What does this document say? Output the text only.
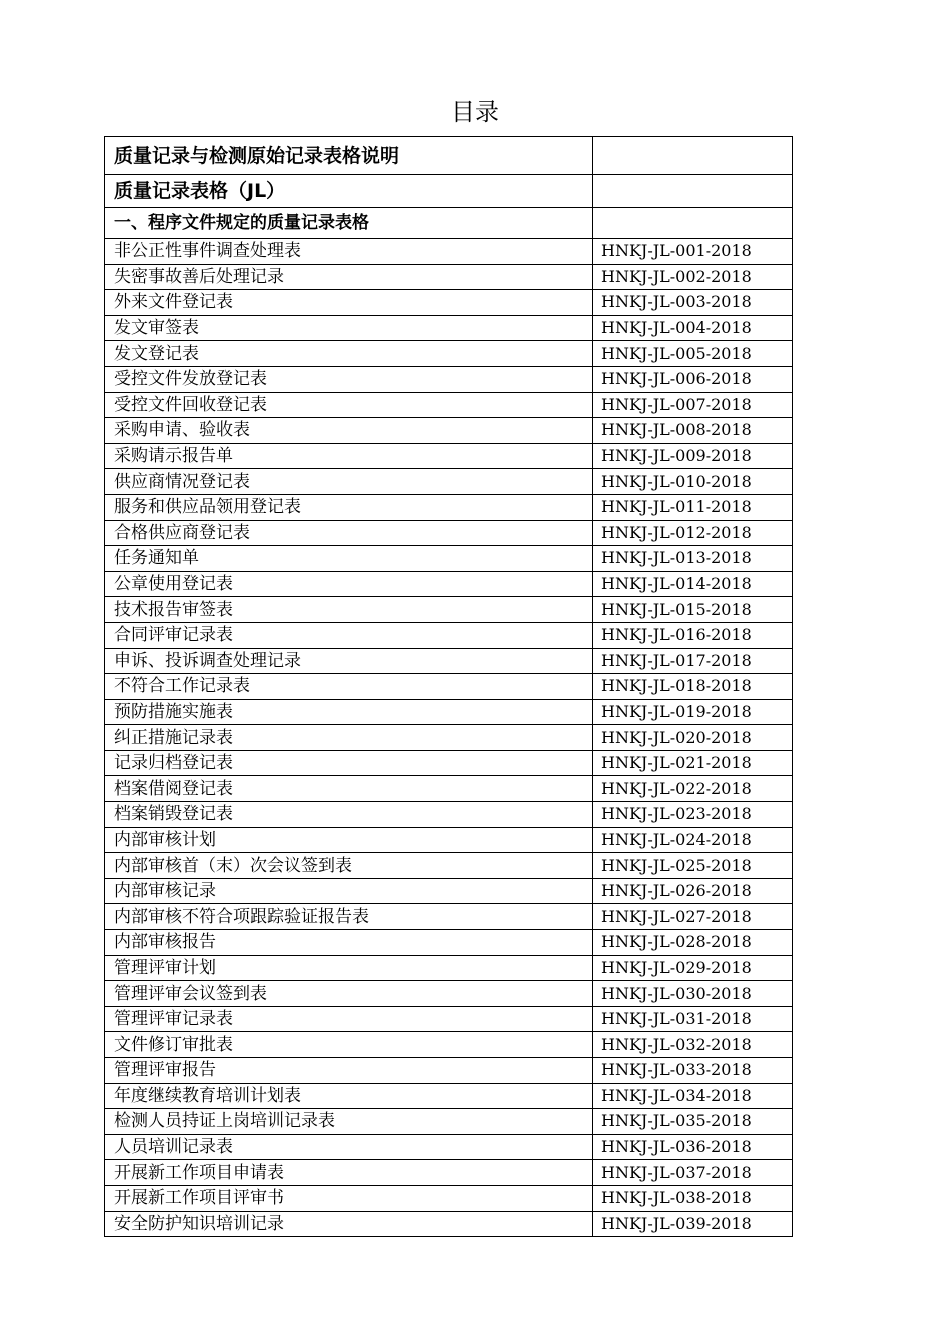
目录
质量记录与检测原始记录表格说明	
质量记录表格（JL）	
一、程序文件规定的质量记录表格	
非公正性事件调查处理表	HNKJ-JL-001-2018
失密事故善后处理记录	HNKJ-JL-002-2018
外来文件登记表	HNKJ-JL-003-2018
发文审签表	HNKJ-JL-004-2018
发文登记表	HNKJ-JL-005-2018
受控文件发放登记表	HNKJ-JL-006-2018
受控文件回收登记表	HNKJ-JL-007-2018
采购申请、验收表	HNKJ-JL-008-2018
采购请示报告单	HNKJ-JL-009-2018
供应商情况登记表	HNKJ-JL-010-2018
服务和供应品领用登记表	HNKJ-JL-011-2018
合格供应商登记表	HNKJ-JL-012-2018
任务通知单	HNKJ-JL-013-2018
公章使用登记表	HNKJ-JL-014-2018
技术报告审签表	HNKJ-JL-015-2018
合同评审记录表	HNKJ-JL-016-2018
申诉、投诉调查处理记录	HNKJ-JL-017-2018
不符合工作记录表	HNKJ-JL-018-2018
预防措施实施表	HNKJ-JL-019-2018
纠正措施记录表	HNKJ-JL-020-2018
记录归档登记表	HNKJ-JL-021-2018
档案借阅登记表	HNKJ-JL-022-2018
档案销毁登记表	HNKJ-JL-023-2018
内部审核计划	HNKJ-JL-024-2018
内部审核首（末）次会议签到表	HNKJ-JL-025-2018
内部审核记录	HNKJ-JL-026-2018
内部审核不符合项跟踪验证报告表	HNKJ-JL-027-2018
内部审核报告	HNKJ-JL-028-2018
管理评审计划	HNKJ-JL-029-2018
管理评审会议签到表	HNKJ-JL-030-2018
管理评审记录表	HNKJ-JL-031-2018
文件修订审批表	HNKJ-JL-032-2018
管理评审报告	HNKJ-JL-033-2018
年度继续教育培训计划表	HNKJ-JL-034-2018
检测人员持证上岗培训记录表	HNKJ-JL-035-2018
人员培训记录表	HNKJ-JL-036-2018
开展新工作项目申请表	HNKJ-JL-037-2018
开展新工作项目评审书	HNKJ-JL-038-2018
安全防护知识培训记录	HNKJ-JL-039-2018
